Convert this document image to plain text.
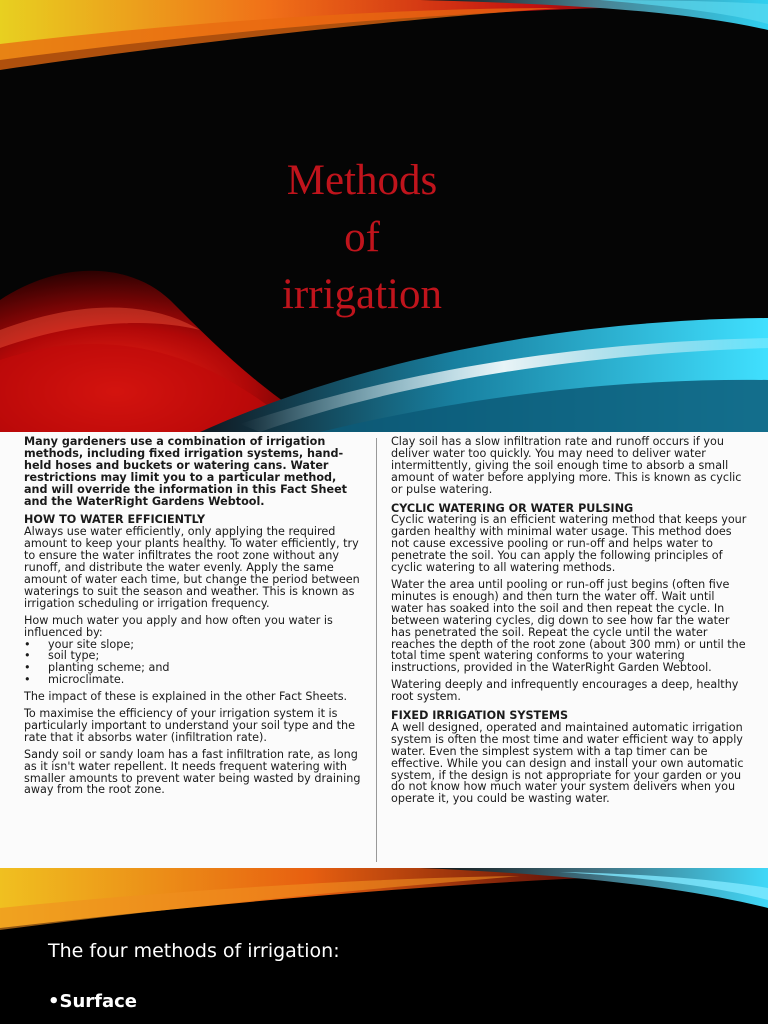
Methods
of
irrigation

Many gardeners use a combination of irrigation methods, including fixed irrigation systems, hand-held hoses and buckets or watering cans. Water restrictions may limit you to a particular method, and will override the information in this Fact Sheet and the WaterRight Gardens Webtool.

HOW TO WATER EFFICIENTLY

Always use water efficiently, only applying the required amount to keep your plants healthy. To water efficiently, try to ensure the water infiltrates the root zone without any runoff, and distribute the water evenly. Apply the same amount of water each time, but change the period between waterings to suit the season and weather. This is known as irrigation scheduling or irrigation frequency.

How much water you apply and how often you water is influenced by:

• your site slope;
• soil type;
• planting scheme; and
• microclimate.

The impact of these is explained in the other Fact Sheets.

To maximise the efficiency of your irrigation system it is particularly important to understand your soil type and the rate that it absorbs water (infiltration rate).

Sandy soil or sandy loam has a fast infiltration rate, as long as it isn't water repellent. It needs frequent watering with smaller amounts to prevent water being wasted by draining away from the root zone.

Clay soil has a slow infiltration rate and runoff occurs if you deliver water too quickly. You may need to deliver water intermittently, giving the soil enough time to absorb a small amount of water before applying more. This is known as cyclic or pulse watering.

CYCLIC WATERING OR WATER PULSING

Cyclic watering is an efficient watering method that keeps your garden healthy with minimal water usage. This method does not cause excessive pooling or run-off and helps water to penetrate the soil. You can apply the following principles of cyclic watering to all watering methods.

Water the area until pooling or run-off just begins (often five minutes is enough) and then turn the water off. Wait until water has soaked into the soil and then repeat the cycle. In between watering cycles, dig down to see how far the water has penetrated the soil. Repeat the cycle until the water reaches the depth of the root zone (about 300 mm) or until the total time spent watering conforms to your watering instructions, provided in the WaterRight Garden Webtool.

Watering deeply and infrequently encourages a deep, healthy root system.

FIXED IRRIGATION SYSTEMS

A well designed, operated and maintained automatic irrigation system is often the most time and water efficient way to apply water. Even the simplest system with a tap timer can be effective. While you can design and install your own automatic system, if the design is not appropriate for your garden or you do not know how much water your system delivers when you operate it, you could be wasting water.

The four methods of irrigation:
•Surface
